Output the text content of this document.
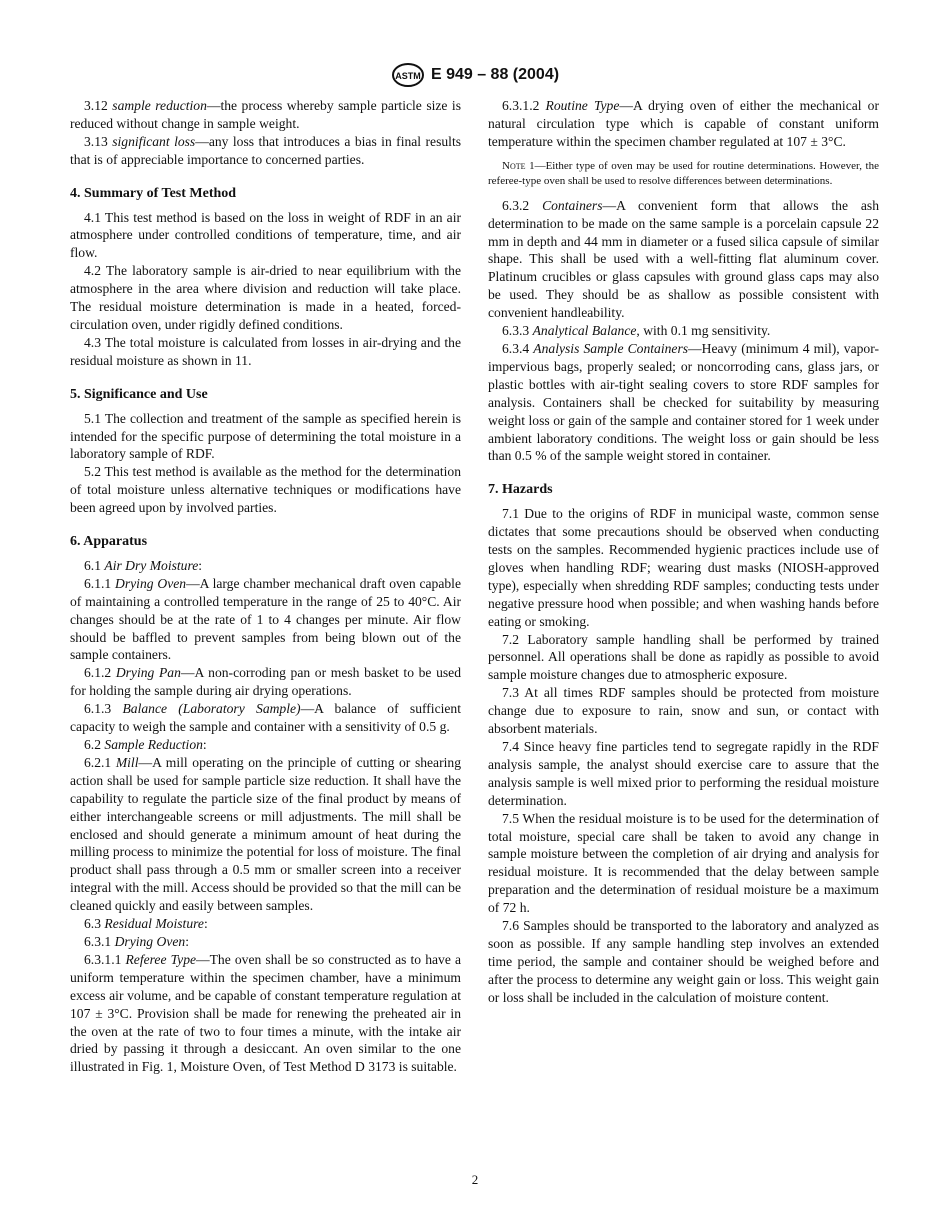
ASTM E 949 – 88 (2004)
3.12 sample reduction—the process whereby sample particle size is reduced without change in sample weight.
3.13 significant loss—any loss that introduces a bias in final results that is of appreciable importance to concerned parties.
4. Summary of Test Method
4.1 This test method is based on the loss in weight of RDF in an air atmosphere under controlled conditions of temperature, time, and air flow.
4.2 The laboratory sample is air-dried to near equilibrium with the atmosphere in the area where division and reduction will take place. The residual moisture determination is made in a heated, forced-circulation oven, under rigidly defined conditions.
4.3 The total moisture is calculated from losses in air-drying and the residual moisture as shown in 11.
5. Significance and Use
5.1 The collection and treatment of the sample as specified herein is intended for the specific purpose of determining the total moisture in a laboratory sample of RDF.
5.2 This test method is available as the method for the determination of total moisture unless alternative techniques or modifications have been agreed upon by involved parties.
6. Apparatus
6.1 Air Dry Moisture:
6.1.1 Drying Oven—A large chamber mechanical draft oven capable of maintaining a controlled temperature in the range of 25 to 40°C. Air changes should be at the rate of 1 to 4 changes per minute. Air flow should be baffled to prevent samples from being blown out of the sample containers.
6.1.2 Drying Pan—A non-corroding pan or mesh basket to be used for holding the sample during air drying operations.
6.1.3 Balance (Laboratory Sample)—A balance of sufficient capacity to weigh the sample and container with a sensitivity of 0.5 g.
6.2 Sample Reduction:
6.2.1 Mill—A mill operating on the principle of cutting or shearing action shall be used for sample particle size reduction. It shall have the capability to regulate the particle size of the final product by means of either interchangeable screens or mill adjustments. The mill shall be enclosed and should generate a minimum amount of heat during the milling process to minimize the potential for loss of moisture. The final product shall pass through a 0.5 mm or smaller screen into a receiver integral with the mill. Access should be provided so that the mill can be cleaned quickly and easily between samples.
6.3 Residual Moisture:
6.3.1 Drying Oven:
6.3.1.1 Referee Type—The oven shall be so constructed as to have a uniform temperature within the specimen chamber, have a minimum excess air volume, and be capable of constant temperature regulation at 107 ± 3°C. Provision shall be made for renewing the preheated air in the oven at the rate of two to four times a minute, with the intake air dried by passing it through a desiccant. An oven similar to the one illustrated in Fig. 1, Moisture Oven, of Test Method D 3173 is suitable.
6.3.1.2 Routine Type—A drying oven of either the mechanical or natural circulation type which is capable of constant uniform temperature within the specimen chamber regulated at 107 ± 3°C.
Note 1—Either type of oven may be used for routine determinations. However, the referee-type oven shall be used to resolve differences between determinations.
6.3.2 Containers—A convenient form that allows the ash determination to be made on the same sample is a porcelain capsule 22 mm in depth and 44 mm in diameter or a fused silica capsule of similar shape. This shall be used with a well-fitting flat aluminum cover. Platinum crucibles or glass capsules with ground glass caps may also be used. They should be as shallow as possible consistent with convenient handleability.
6.3.3 Analytical Balance, with 0.1 mg sensitivity.
6.3.4 Analysis Sample Containers—Heavy (minimum 4 mil), vapor-impervious bags, properly sealed; or noncorroding cans, glass jars, or plastic bottles with air-tight sealing covers to store RDF samples for analysis. Containers shall be checked for suitability by measuring weight loss or gain of the sample and container stored for 1 week under ambient laboratory conditions. The weight loss or gain should be less than 0.5 % of the sample weight stored in container.
7. Hazards
7.1 Due to the origins of RDF in municipal waste, common sense dictates that some precautions should be observed when conducting tests on the samples. Recommended hygienic practices include use of gloves when handling RDF; wearing dust masks (NIOSH-approved type), especially when shredding RDF samples; conducting tests under negative pressure hood when possible; and when washing hands before eating or smoking.
7.2 Laboratory sample handling shall be performed by trained personnel. All operations shall be done as rapidly as possible to avoid sample moisture changes due to atmospheric exposure.
7.3 At all times RDF samples should be protected from moisture change due to exposure to rain, snow and sun, or contact with absorbent materials.
7.4 Since heavy fine particles tend to segregate rapidly in the RDF analysis sample, the analyst should exercise care to assure that the analysis sample is well mixed prior to performing the residual moisture determination.
7.5 When the residual moisture is to be used for the determination of total moisture, special care shall be taken to avoid any change in sample moisture between the completion of air drying and analysis for residual moisture. It is recommended that the delay between sample preparation and the determination of residual moisture be a maximum of 72 h.
7.6 Samples should be transported to the laboratory and analyzed as soon as possible. If any sample handling step involves an extended time period, the sample and container should be weighed before and after the process to determine any weight gain or loss. This weight gain or loss shall be included in the calculation of moisture content.
2
